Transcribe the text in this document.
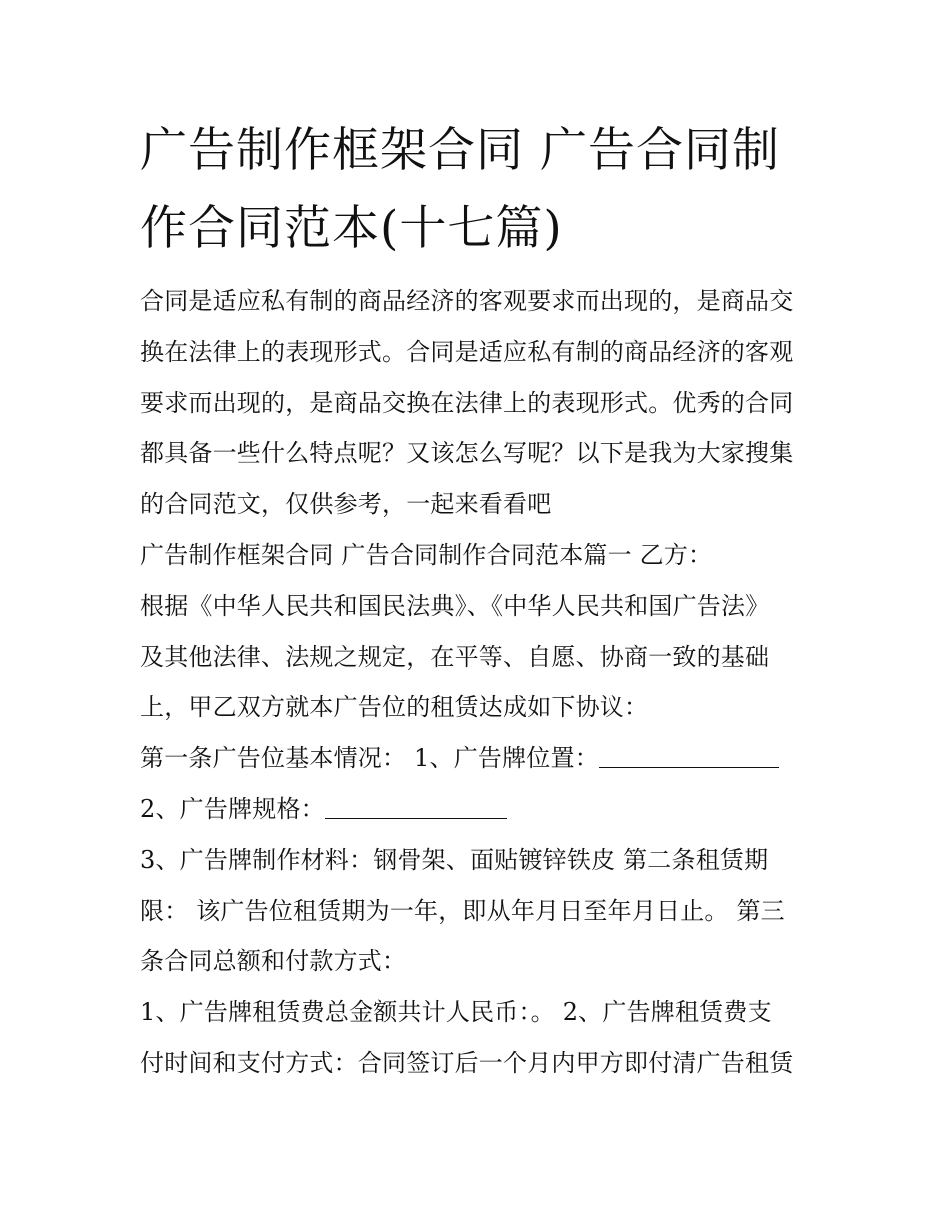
广告制作框架合同 广告合同制
作合同范本(十七篇)
合同是适应私有制的商品经济的客观要求而出现的，是商品交
换在法律上的表现形式。合同是适应私有制的商品经济的客观
要求而出现的，是商品交换在法律上的表现形式。优秀的合同
都具备一些什么特点呢？又该怎么写呢？以下是我为大家搜集
的合同范文，仅供参考，一起来看看吧
广告制作框架合同 广告合同制作合同范本篇一 乙方：
根据《中华人民共和国民法典》、《中华人民共和国广告法》
及其他法律、法规之规定，在平等、自愿、协商一致的基础
上，甲乙双方就本广告位的租赁达成如下协议：
第一条广告位基本情况： 1、广告牌位置：
2、广告牌规格：
3、广告牌制作材料：钢骨架、面贴镀锌铁皮 第二条租赁期
限： 该广告位租赁期为一年，即从年月日至年月日止。 第三
条合同总额和付款方式：
1、广告牌租赁费总金额共计人民币：。 2、广告牌租赁费支
付时间和支付方式：合同签订后一个月内甲方即付清广告租赁
